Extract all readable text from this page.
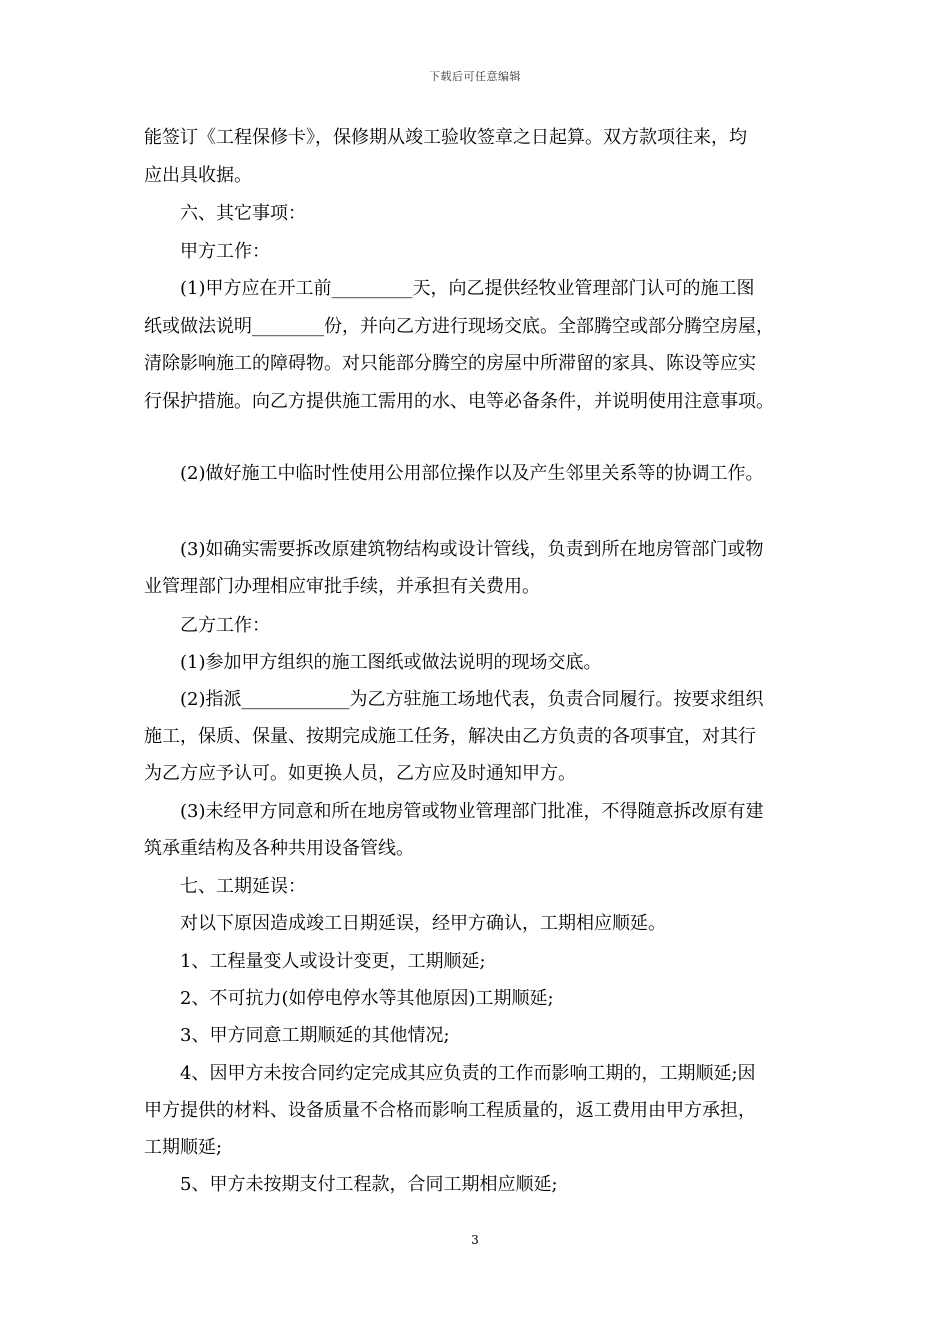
下载后可任意编辑
能签订《工程保修卡》，保修期从竣工验收签章之日起算。双方款项往来，均
应出具收据。
六、其它事项：
甲方工作：
(1)甲方应在开工前_________天，向乙提供经牧业管理部门认可的施工图
纸或做法说明________份，并向乙方进行现场交底。全部腾空或部分腾空房屋，
清除影响施工的障碍物。对只能部分腾空的房屋中所滞留的家具、陈设等应实
行保护措施。向乙方提供施工需用的水、电等必备条件，并说明使用注意事项。
(2)做好施工中临时性使用公用部位操作以及产生邻里关系等的协调工作。
(3)如确实需要拆改原建筑物结构或设计管线，负责到所在地房管部门或物
业管理部门办理相应审批手续，并承担有关费用。
乙方工作：
(1)参加甲方组织的施工图纸或做法说明的现场交底。
(2)指派____________为乙方驻施工场地代表，负责合同履行。按要求组织
施工，保质、保量、按期完成施工任务，解决由乙方负责的各项事宜，对其行
为乙方应予认可。如更换人员，乙方应及时通知甲方。
(3)未经甲方同意和所在地房管或物业管理部门批准，不得随意拆改原有建
筑承重结构及各种共用设备管线。
七、工期延误：
对以下原因造成竣工日期延误，经甲方确认，工期相应顺延。
1、工程量变人或设计变更，工期顺延;
2、不可抗力(如停电停水等其他原因)工期顺延;
3、甲方同意工期顺延的其他情况;
4、因甲方未按合同约定完成其应负责的工作而影响工期的，工期顺延;因
甲方提供的材料、设备质量不合格而影响工程质量的，返工费用由甲方承担，
工期顺延;
5、甲方未按期支付工程款，合同工期相应顺延;
3
